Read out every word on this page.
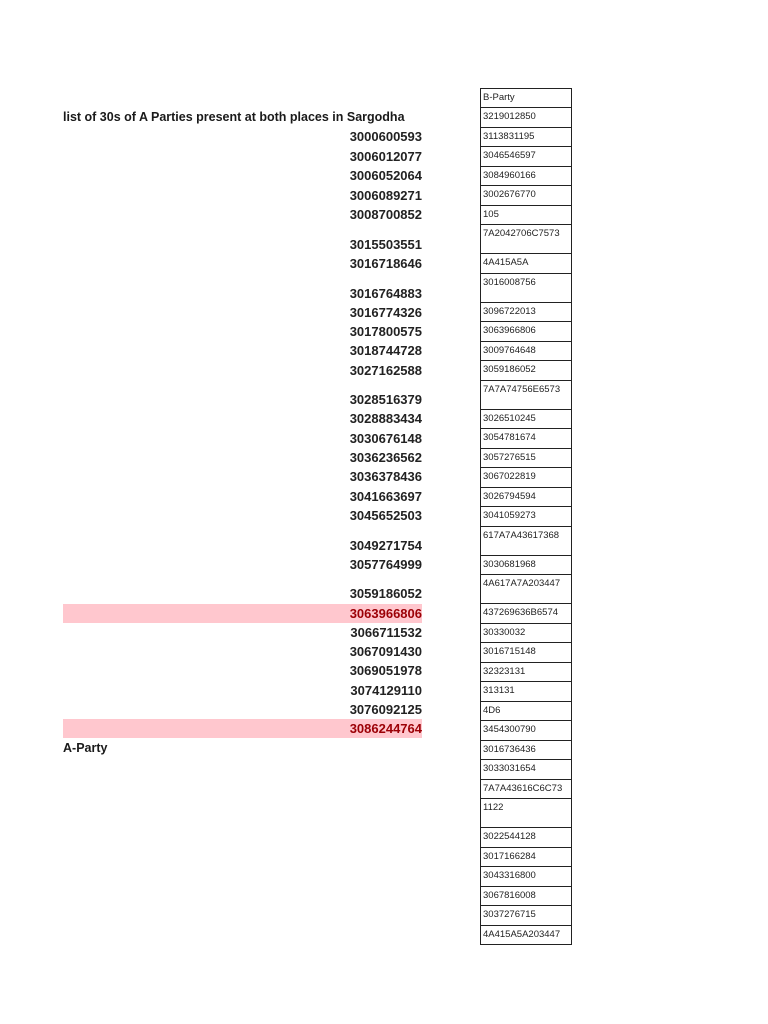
list of 30s of A Parties present at both places in Sargodha
3000600593
3006012077
3006052064
3006089271
3008700852
3015503551
3016718646
3016764883
3016774326
3017800575
3018744728
3027162588
3028516379
3028883434
3030676148
3036236562
3036378436
3041663697
3045652503
3049271754
3057764999
3059186052
3063966806
3066711532
3067091430
3069051978
3074129110
3076092125
3086244764
A-Party
B-Party
3219012850
3113831195
3046546597
3084960166
3002676770
105
7A2042706C7573
4A415A5A
3016008756
3096722013
3063966806
3009764648
3059186052
7A7A74756E6573
3026510245
3054781674
3057276515
3067022819
3026794594
3041059273
617A7A43617368
3030681968
4A617A7A203447
437269636B6574
30330032
3016715148
32323131
313131
4D6
3454300790
3016736436
3033031654
7A7A43616C6C73
1122
3022544128
3017166284
3043316800
3067816008
3037276715
4A415A5A203447
